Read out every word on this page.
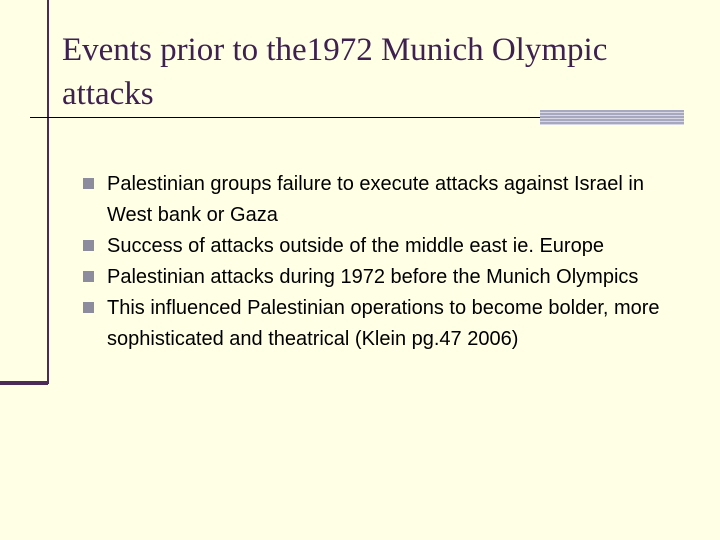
Events prior to the1972 Munich Olympic attacks
Palestinian groups failure to execute attacks against Israel in West bank or Gaza
Success of attacks outside of the middle east ie. Europe
Palestinian attacks during 1972 before the Munich Olympics
This influenced Palestinian operations to become bolder, more sophisticated and theatrical (Klein pg.47 2006)
